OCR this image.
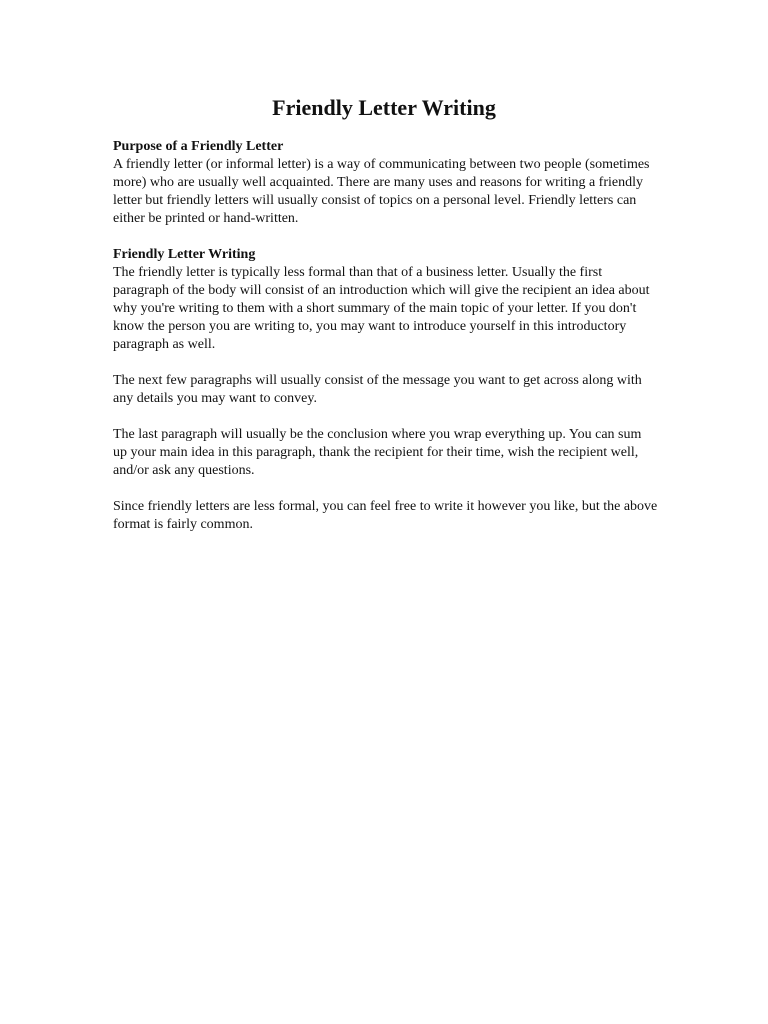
Friendly Letter Writing

Purpose of a Friendly Letter

A friendly letter (or informal letter) is a way of communicating between two people (sometimes more) who are usually well acquainted. There are many uses and reasons for writing a friendly letter but friendly letters will usually consist of topics on a personal level. Friendly letters can either be printed or hand-written.

Friendly Letter Writing

The friendly letter is typically less formal than that of a business letter. Usually the first paragraph of the body will consist of an introduction which will give the recipient an idea about why you're writing to them with a short summary of the main topic of your letter. If you don't know the person you are writing to, you may want to introduce yourself in this introductory paragraph as well.

The next few paragraphs will usually consist of the message you want to get across along with any details you may want to convey.

The last paragraph will usually be the conclusion where you wrap everything up. You can sum up your main idea in this paragraph, thank the recipient for their time, wish the recipient well, and/or ask any questions.

Since friendly letters are less formal, you can feel free to write it however you like, but the above format is fairly common.
